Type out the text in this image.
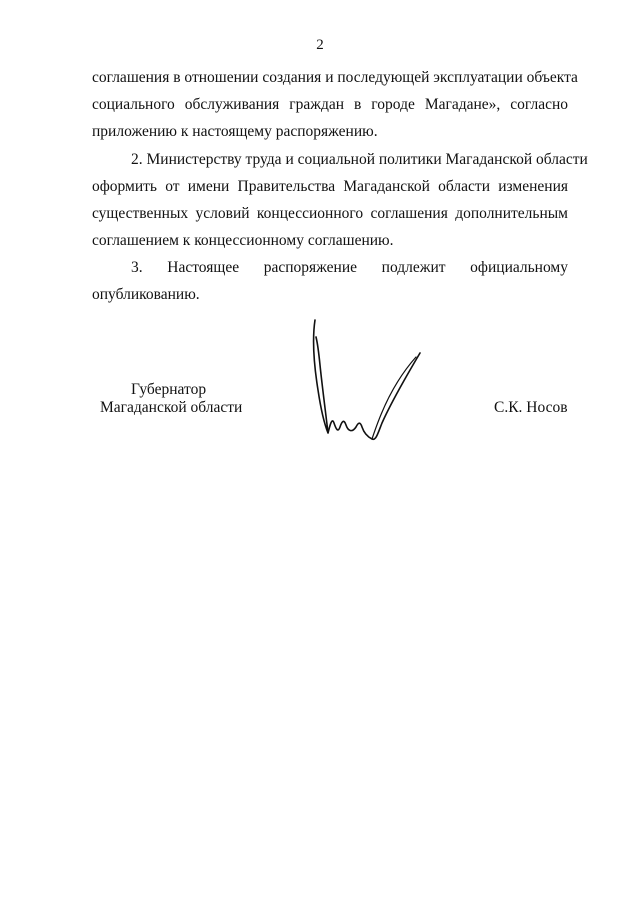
2
соглашения в отношении создания и последующей эксплуатации объекта
социального обслуживания граждан в городе Магадане», согласно
приложению к настоящему распоряжению.
2. Министерству труда и социальной политики Магаданской области
оформить от имени Правительства Магаданской области изменения
существенных условий концессионного соглашения дополнительным
соглашением к концессионному соглашению.
3. Настоящее распоряжение подлежит официальному
опубликованию.
Губернатор
Магаданской области	С.К. Носов
